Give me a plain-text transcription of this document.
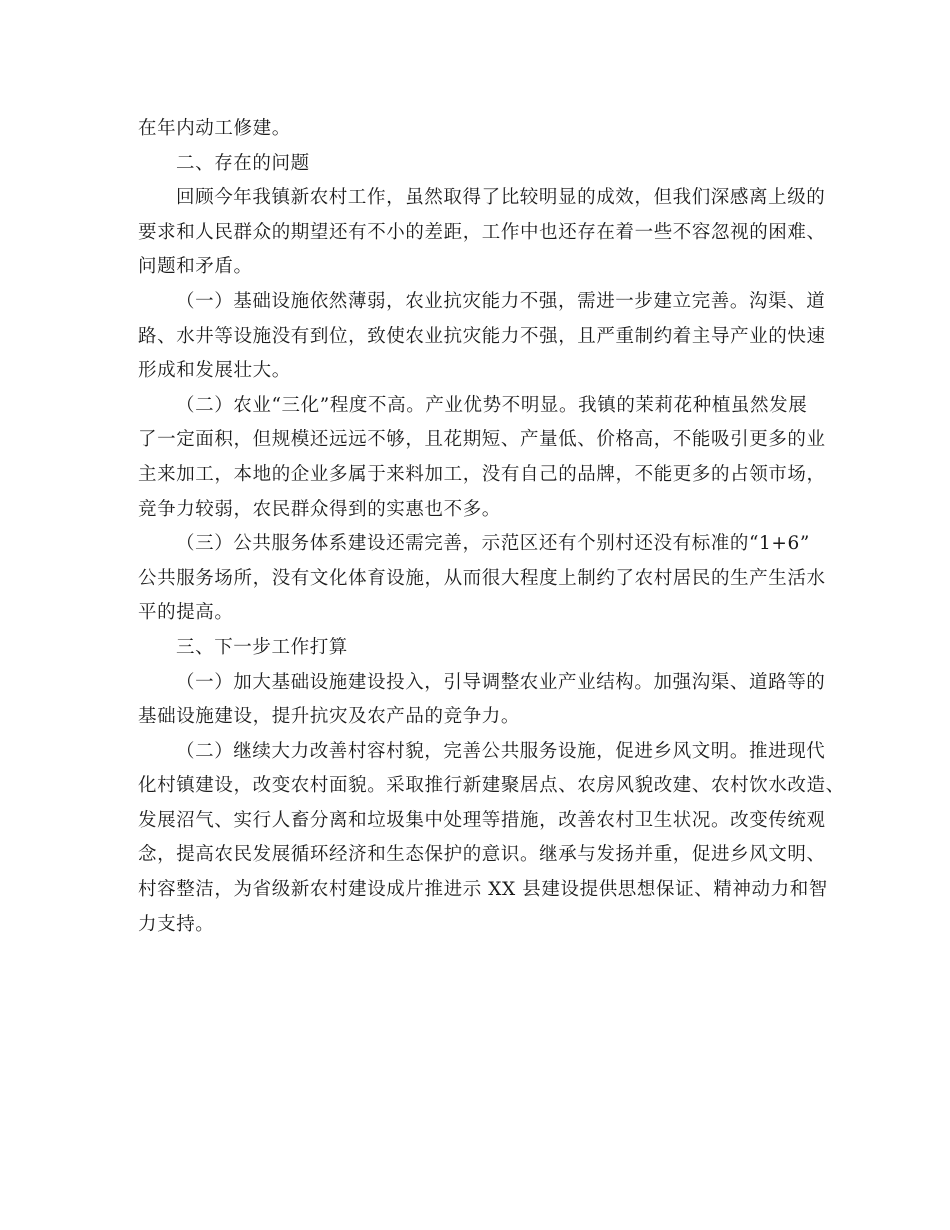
在年内动工修建。
二、存在的问题
回顾今年我镇新农村工作，虽然取得了比较明显的成效，但我们深感离上级的
要求和人民群众的期望还有不小的差距，工作中也还存在着一些不容忽视的困难、
问题和矛盾。
（一）基础设施依然薄弱，农业抗灾能力不强，需进一步建立完善。沟渠、道
路、水井等设施没有到位，致使农业抗灾能力不强，且严重制约着主导产业的快速
形成和发展壮大。
（二）农业“三化”程度不高。产业优势不明显。我镇的茉莉花种植虽然发展
了一定面积，但规模还远远不够，且花期短、产量低、价格高，不能吸引更多的业
主来加工，本地的企业多属于来料加工，没有自己的品牌，不能更多的占领市场，
竞争力较弱，农民群众得到的实惠也不多。
（三）公共服务体系建设还需完善，示范区还有个别村还没有标准的“1+6”
公共服务场所，没有文化体育设施，从而很大程度上制约了农村居民的生产生活水
平的提高。
三、下一步工作打算
（一）加大基础设施建设投入，引导调整农业产业结构。加强沟渠、道路等的
基础设施建设，提升抗灾及农产品的竞争力。
（二）继续大力改善村容村貌，完善公共服务设施，促进乡风文明。推进现代
化村镇建设，改变农村面貌。采取推行新建聚居点、农房风貌改建、农村饮水改造、
发展沼气、实行人畜分离和垃圾集中处理等措施，改善农村卫生状况。改变传统观
念，提高农民发展循环经济和生态保护的意识。继承与发扬并重，促进乡风文明、
村容整洁，为省级新农村建设成片推进示 XX 县建设提供思想保证、精神动力和智
力支持。
